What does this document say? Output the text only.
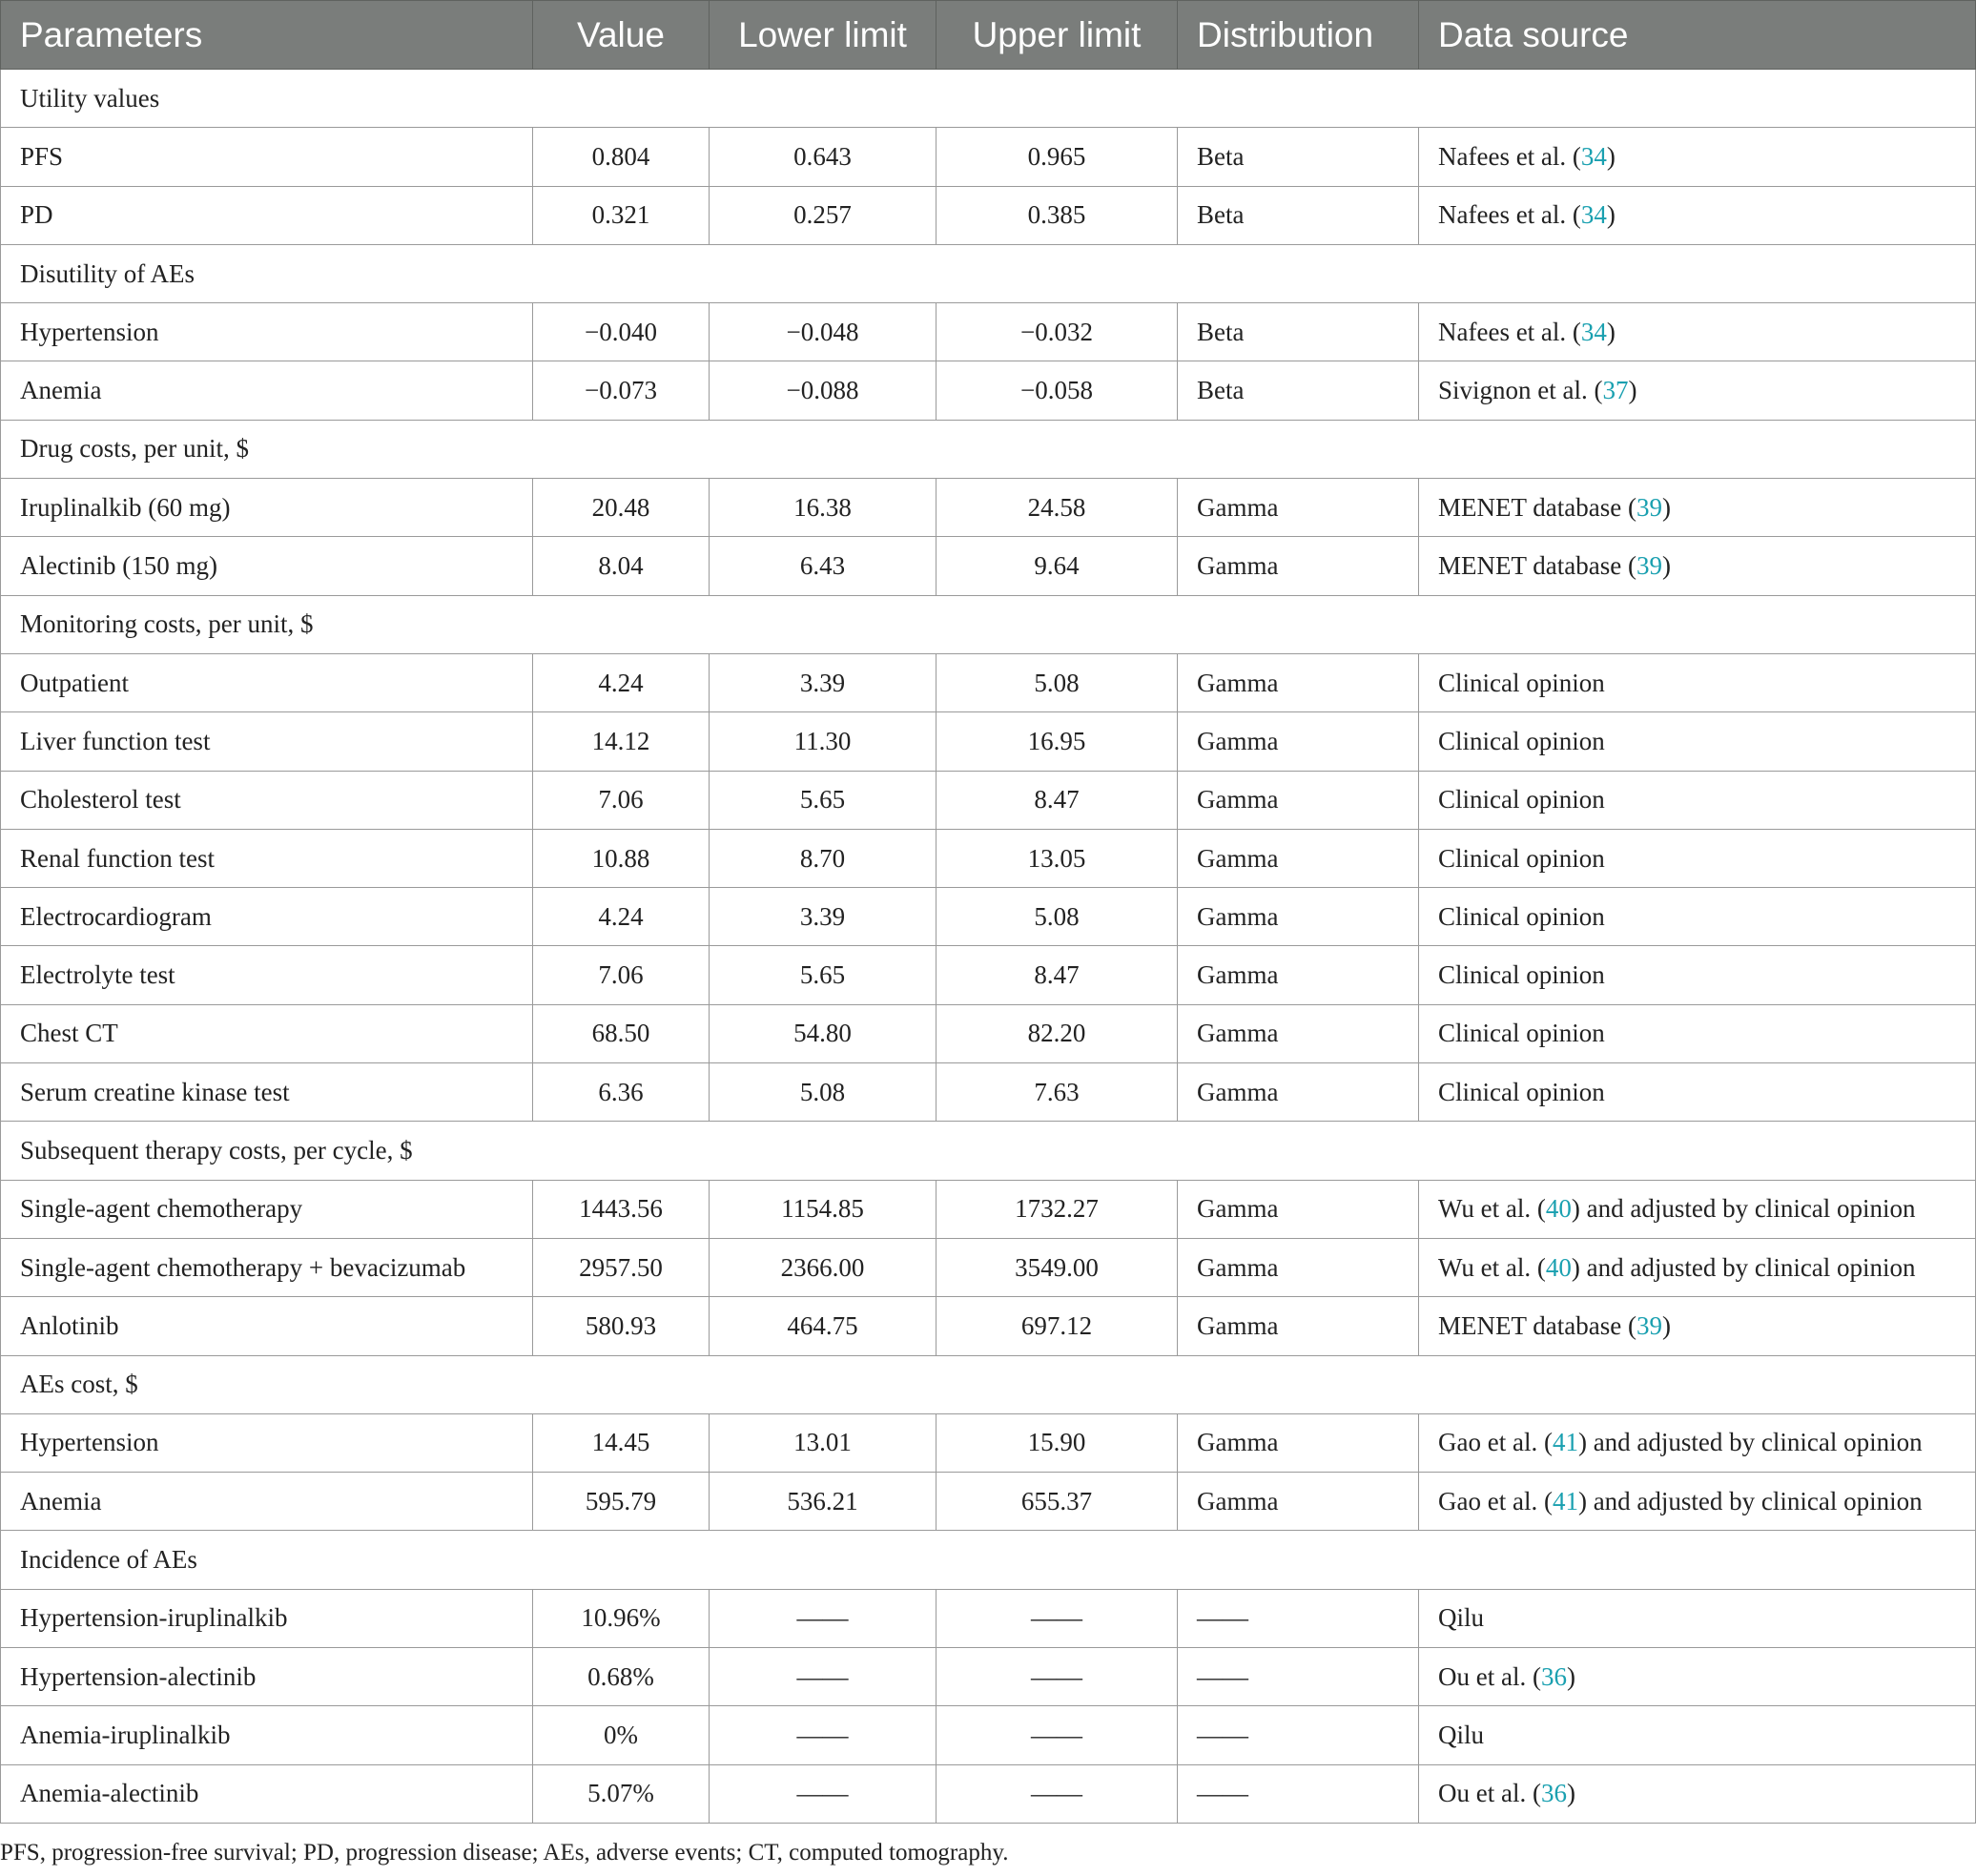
Parameters	Value	Lower limit	Upper limit	Distribution	Data source
Utility values					
PFS	0.804	0.643	0.965	Beta	Nafees et al. (34)
PD	0.321	0.257	0.385	Beta	Nafees et al. (34)
Disutility of AEs					
Hypertension	−0.040	−0.048	−0.032	Beta	Nafees et al. (34)
Anemia	−0.073	−0.088	−0.058	Beta	Sivignon et al. (37)
Drug costs, per unit, $					
Iruplinalkib (60 mg)	20.48	16.38	24.58	Gamma	MENET database (39)
Alectinib (150 mg)	8.04	6.43	9.64	Gamma	MENET database (39)
Monitoring costs, per unit, $					
Outpatient	4.24	3.39	5.08	Gamma	Clinical opinion
Liver function test	14.12	11.30	16.95	Gamma	Clinical opinion
Cholesterol test	7.06	5.65	8.47	Gamma	Clinical opinion
Renal function test	10.88	8.70	13.05	Gamma	Clinical opinion
Electrocardiogram	4.24	3.39	5.08	Gamma	Clinical opinion
Electrolyte test	7.06	5.65	8.47	Gamma	Clinical opinion
Chest CT	68.50	54.80	82.20	Gamma	Clinical opinion
Serum creatine kinase test	6.36	5.08	7.63	Gamma	Clinical opinion
Subsequent therapy costs, per cycle, $					
Single-agent chemotherapy	1443.56	1154.85	1732.27	Gamma	Wu et al. (40) and adjusted by clinical opinion
Single-agent chemotherapy + bevacizumab	2957.50	2366.00	3549.00	Gamma	Wu et al. (40) and adjusted by clinical opinion
Anlotinib	580.93	464.75	697.12	Gamma	MENET database (39)
AEs cost, $					
Hypertension	14.45	13.01	15.90	Gamma	Gao et al. (41) and adjusted by clinical opinion
Anemia	595.79	536.21	655.37	Gamma	Gao et al. (41) and adjusted by clinical opinion
Incidence of AEs					
Hypertension-iruplinalkib	10.96%	——	——	——	Qilu
Hypertension-alectinib	0.68%	——	——	——	Ou et al. (36)
Anemia-iruplinalkib	0%	——	——	——	Qilu
Anemia-alectinib	5.07%	——	——	——	Ou et al. (36)
PFS, progression-free survival; PD, progression disease; AEs, adverse events; CT, computed tomography.
